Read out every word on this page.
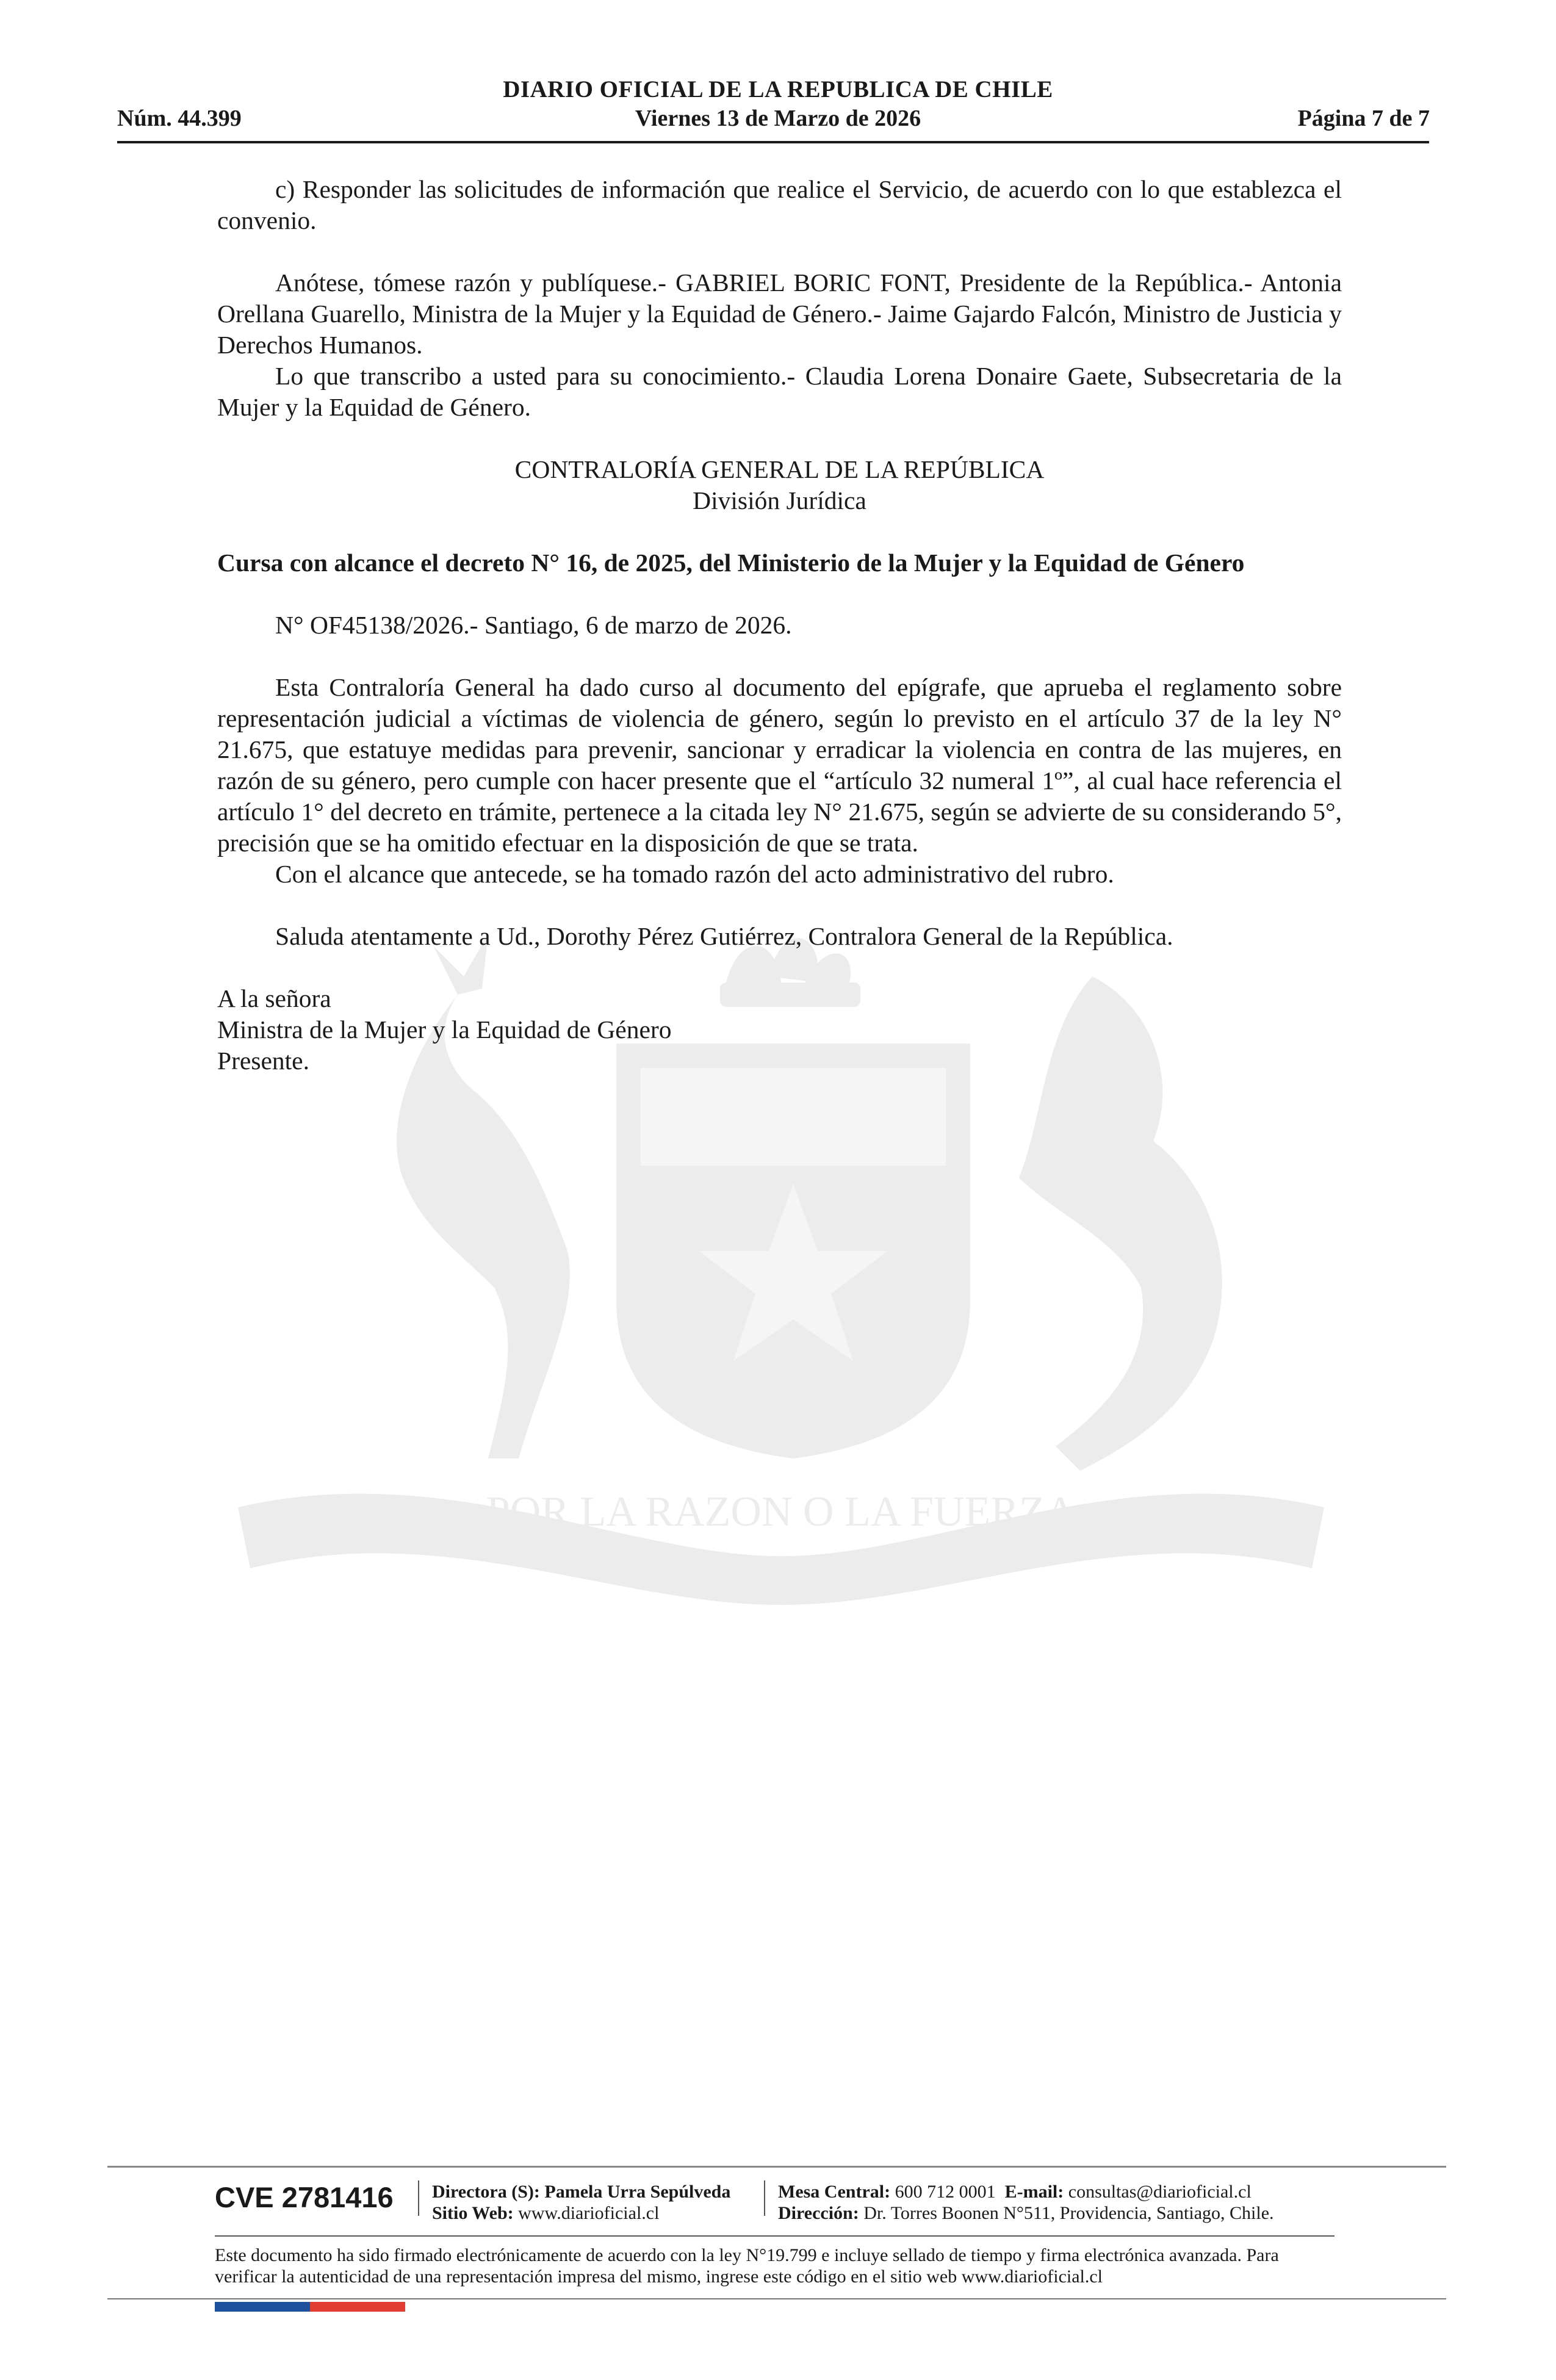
POR LA RAZON O LA FUERZA
DIARIO OFICIAL DE LA REPUBLICA DE CHILE
Núm. 44.399	Viernes 13 de Marzo de 2026	Página 7 de 7

c) Responder las solicitudes de información que realice el Servicio, de acuerdo con lo que establezca el convenio.

Anótese, tómese razón y publíquese.- GABRIEL BORIC FONT, Presidente de la República.- Antonia Orellana Guarello, Ministra de la Mujer y la Equidad de Género.- Jaime Gajardo Falcón, Ministro de Justicia y Derechos Humanos.

Lo que transcribo a usted para su conocimiento.- Claudia Lorena Donaire Gaete, Subsecretaria de la Mujer y la Equidad de Género.

CONTRALORÍA GENERAL DE LA REPÚBLICA

División Jurídica

Cursa con alcance el decreto N° 16, de 2025, del Ministerio de la Mujer y la Equidad de Género

N° OF45138/2026.- Santiago, 6 de marzo de 2026.

Esta Contraloría General ha dado curso al documento del epígrafe, que aprueba el reglamento sobre representación judicial a víctimas de violencia de género, según lo previsto en el artículo 37 de la ley N° 21.675, que estatuye medidas para prevenir, sancionar y erradicar la violencia en contra de las mujeres, en razón de su género, pero cumple con hacer presente que el “artículo 32 numeral 1º”, al cual hace referencia el artículo 1° del decreto en trámite, pertenece a la citada ley N° 21.675, según se advierte de su considerando 5°, precisión que se ha omitido efectuar en la disposición de que se trata.

Con el alcance que antecede, se ha tomado razón del acto administrativo del rubro.

Saluda atentamente a Ud., Dorothy Pérez Gutiérrez, Contralora General de la República.

A la señora

Ministra de la Mujer y la Equidad de Género

Presente.

CVE 2781416 Directora (S): Pamela Urra Sepúlveda
Sitio Web: www.diarioficial.cl
Mesa Central: 600 712 0001 E-mail: consultas@diarioficial.cl
Dirección: Dr. Torres Boonen N°511, Providencia, Santiago, Chile.
Este documento ha sido firmado electrónicamente de acuerdo con la ley N°19.799 e incluye sellado de tiempo y firma electrónica avanzada. Para verificar la autenticidad de una representación impresa del mismo, ingrese este código en el sitio web www.diarioficial.cl
